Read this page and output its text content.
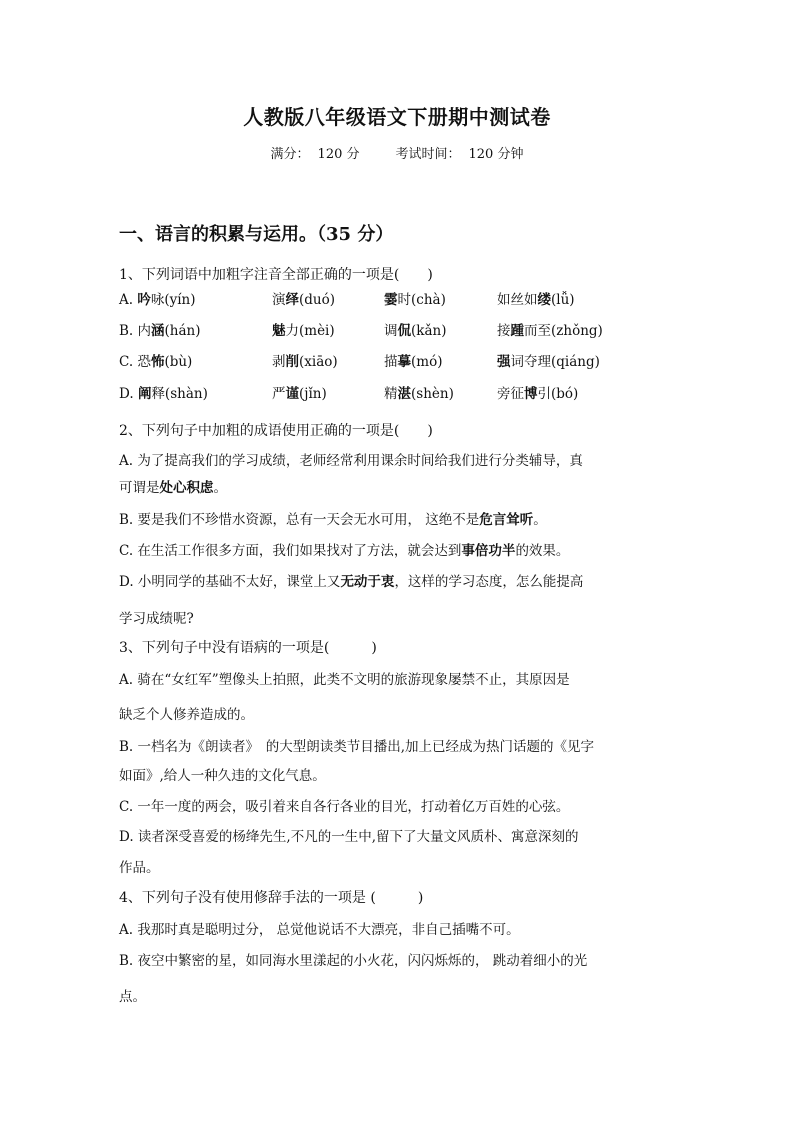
人教版八年级语文下册期中测试卷

满分： 120 分	考试时间： 120 分钟

一、语言的积累与运用。（35 分）

1、下列词语中加粗字注音全部正确的一项是(　　)

A. 吟咏(yín)	演绎(duó)	霎时(chà)	如丝如缕(lǚ)
B. 内涵(hán)	魅力(mèi)	调侃(kǎn)	接踵而至(zhǒng)
C. 恐怖(bù)	剥削(xiāo)	描摹(mó)	强词夺理(qiáng)
D. 阐释(shàn)	严谨(jǐn)	精湛(shèn)	旁征博引(bó)

2、下列句子中加粗的成语使用正确的一项是(　　)

A. 为了提高我们的学习成绩，老师经常利用课余时间给我们进行分类辅导，真

可谓是处心积虑。

B. 要是我们不珍惜水资源，总有一天会无水可用， 这绝不是危言耸听。

C. 在生活工作很多方面，我们如果找对了方法，就会达到事倍功半的效果。

D. 小明同学的基础不太好，课堂上又无动于衷，这样的学习态度，怎么能提高

学习成绩呢?

3、下列句子中没有语病的一项是(　　　)

A. 骑在“女红军”塑像头上拍照，此类不文明的旅游现象屡禁不止，其原因是

缺乏个人修养造成的。

B. 一档名为《朗读者》　的大型朗读类节目播出,加上已经成为热门话题的《见字

如面》,给人一种久违的文化气息。

C. 一年一度的两会，吸引着来自各行各业的目光，打动着亿万百姓的心弦。

D. 读者深受喜爱的杨绛先生,不凡的一生中,留下了大量文风质朴、寓意深刻的

作品。

4、下列句子没有使用修辞手法的一项是 (　　　)

A. 我那时真是聪明过分， 总觉他说话不大漂亮，非自己插嘴不可。

B. 夜空中繁密的星，如同海水里漾起的小火花，闪闪烁烁的， 跳动着细小的光

点。
